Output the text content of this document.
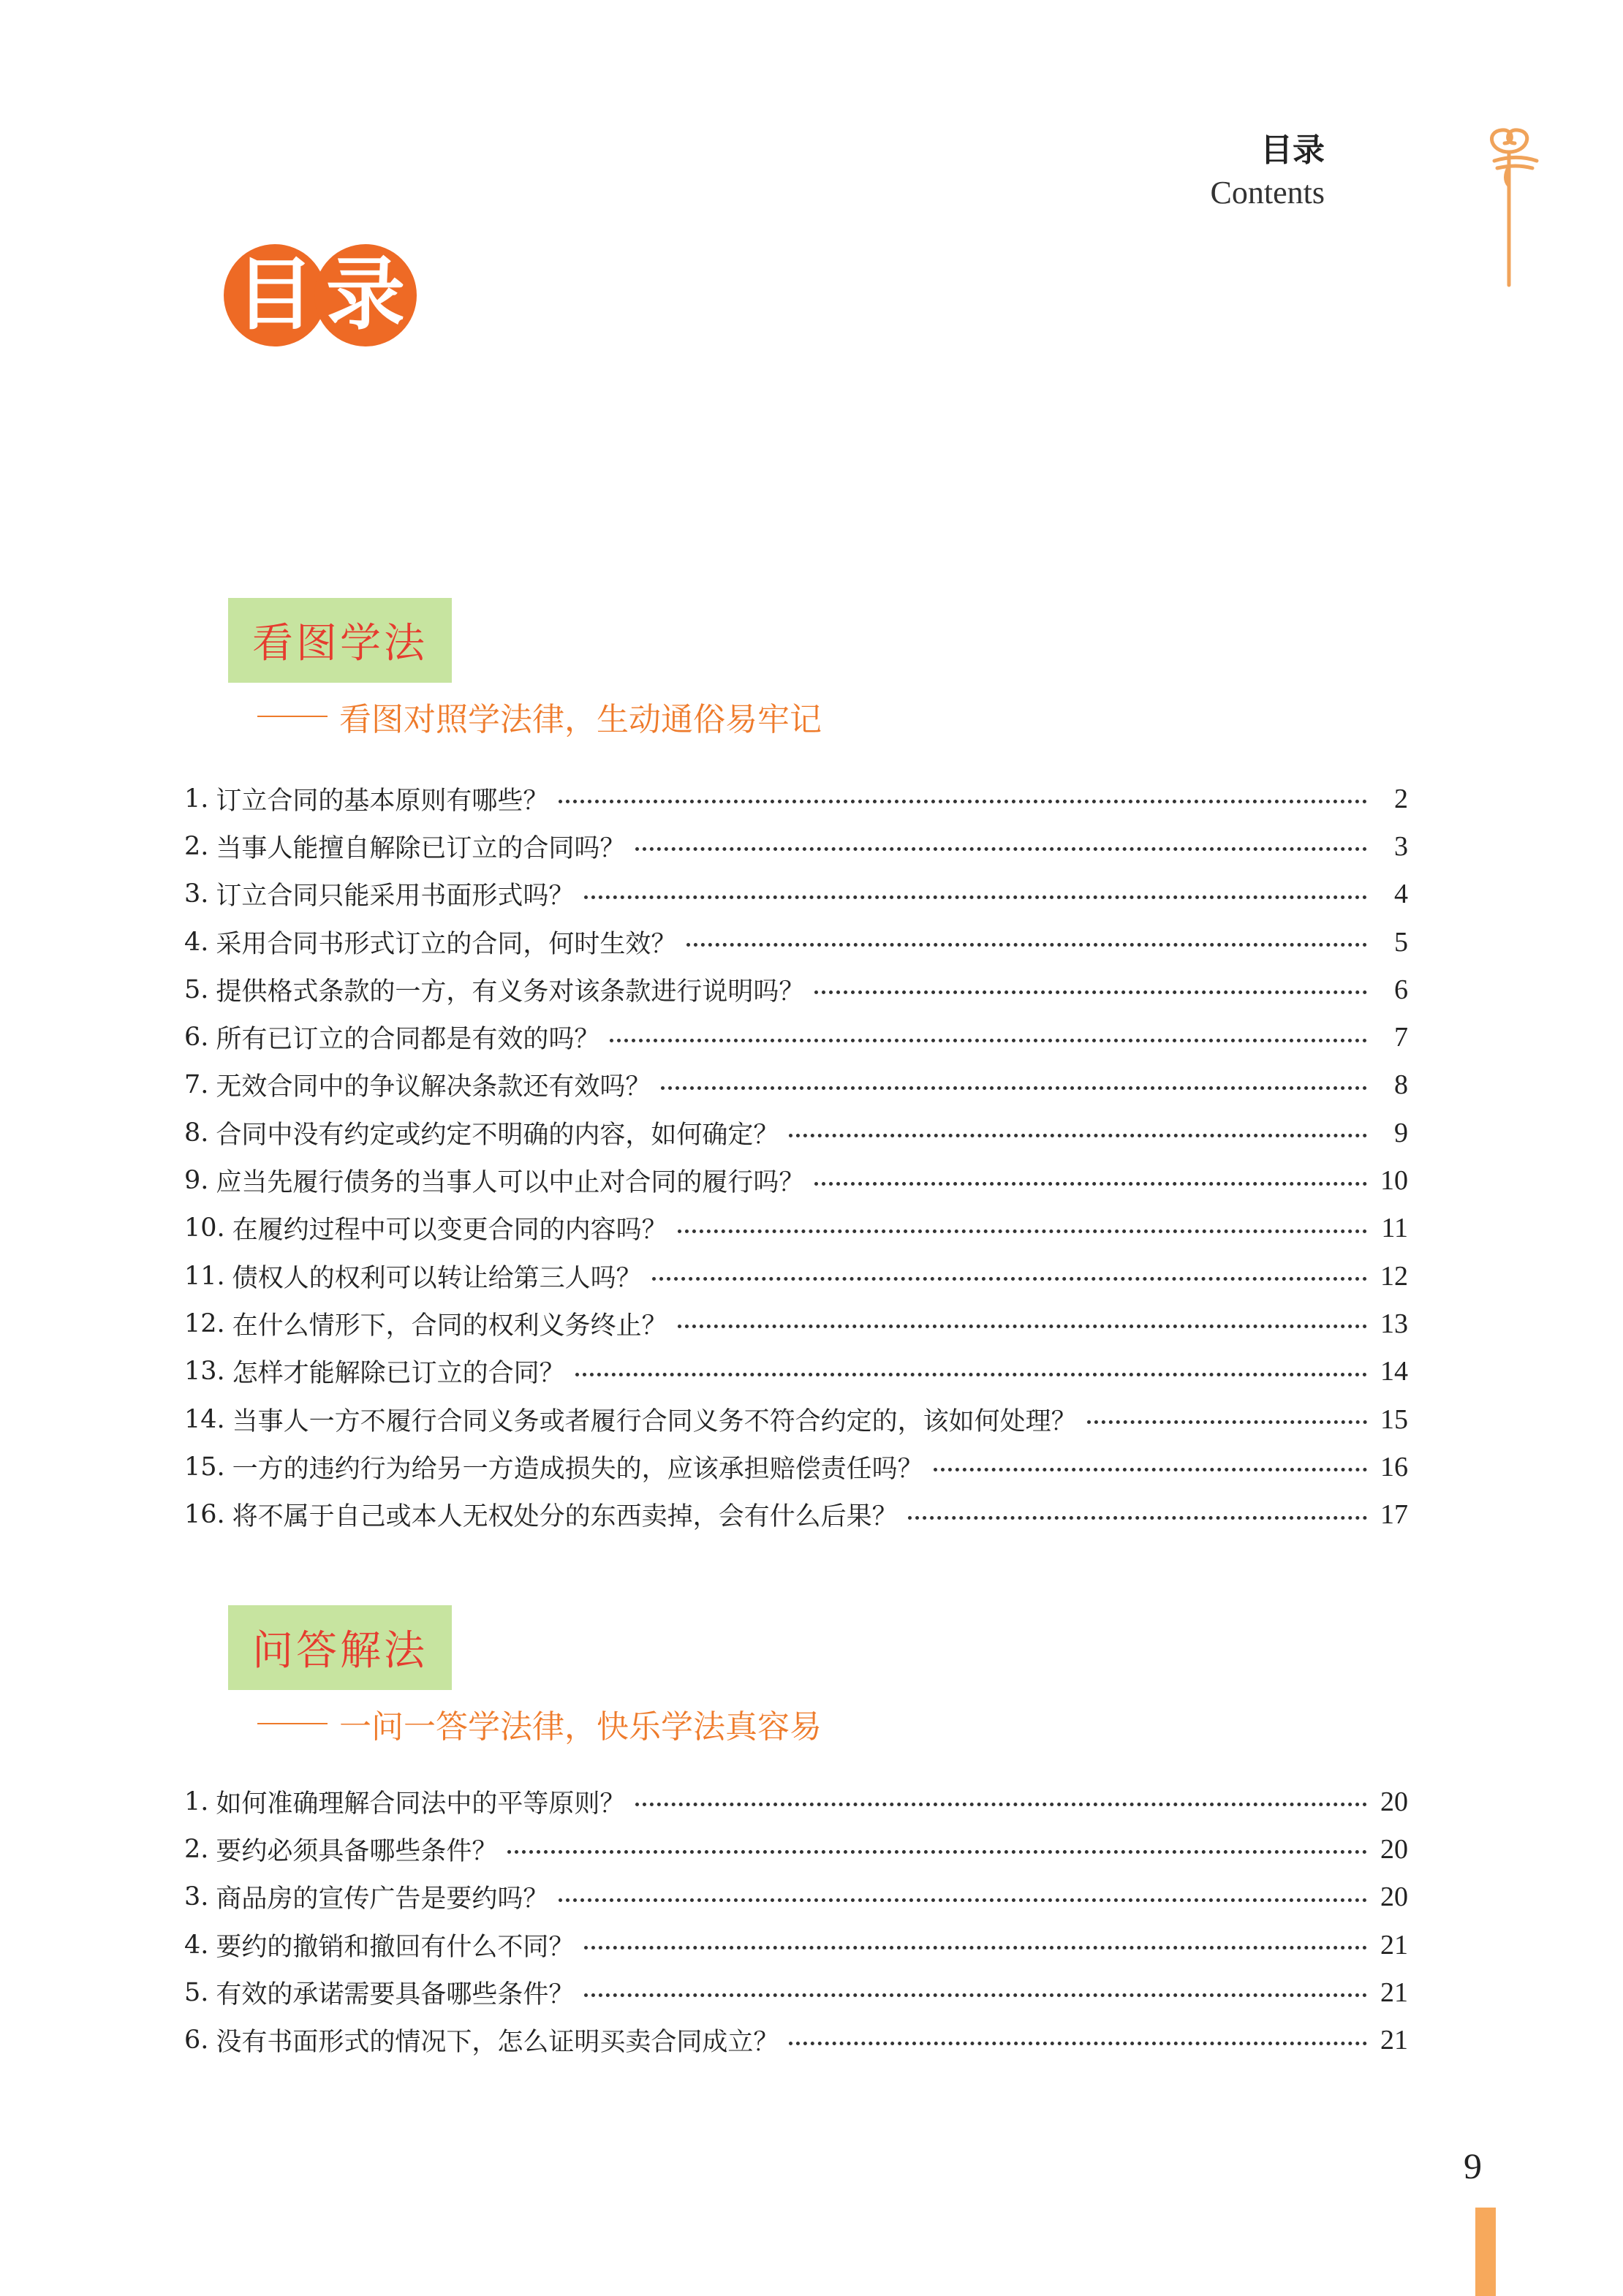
目录
Contents
目 录
看图学法
看图对照学法律，生动通俗易牢记
1. 订立合同的基本原则有哪些？	2
2. 当事人能擅自解除已订立的合同吗？	3
3. 订立合同只能采用书面形式吗？	4
4. 采用合同书形式订立的合同，何时生效？	5
5. 提供格式条款的一方，有义务对该条款进行说明吗？	6
6. 所有已订立的合同都是有效的吗？	7
7. 无效合同中的争议解决条款还有效吗？	8
8. 合同中没有约定或约定不明确的内容，如何确定？	9
9. 应当先履行债务的当事人可以中止对合同的履行吗？	10
10. 在履约过程中可以变更合同的内容吗？	11
11. 债权人的权利可以转让给第三人吗？	12
12. 在什么情形下，合同的权利义务终止？	13
13. 怎样才能解除已订立的合同？	14
14. 当事人一方不履行合同义务或者履行合同义务不符合约定的，该如何处理？	15
15. 一方的违约行为给另一方造成损失的，应该承担赔偿责任吗？	16
16. 将不属于自己或本人无权处分的东西卖掉，会有什么后果？	17
问答解法
一问一答学法律，快乐学法真容易
1. 如何准确理解合同法中的平等原则？	20
2. 要约必须具备哪些条件？	20
3. 商品房的宣传广告是要约吗？	20
4. 要约的撤销和撤回有什么不同？	21
5. 有效的承诺需要具备哪些条件？	21
6. 没有书面形式的情况下，怎么证明买卖合同成立？	21
9
